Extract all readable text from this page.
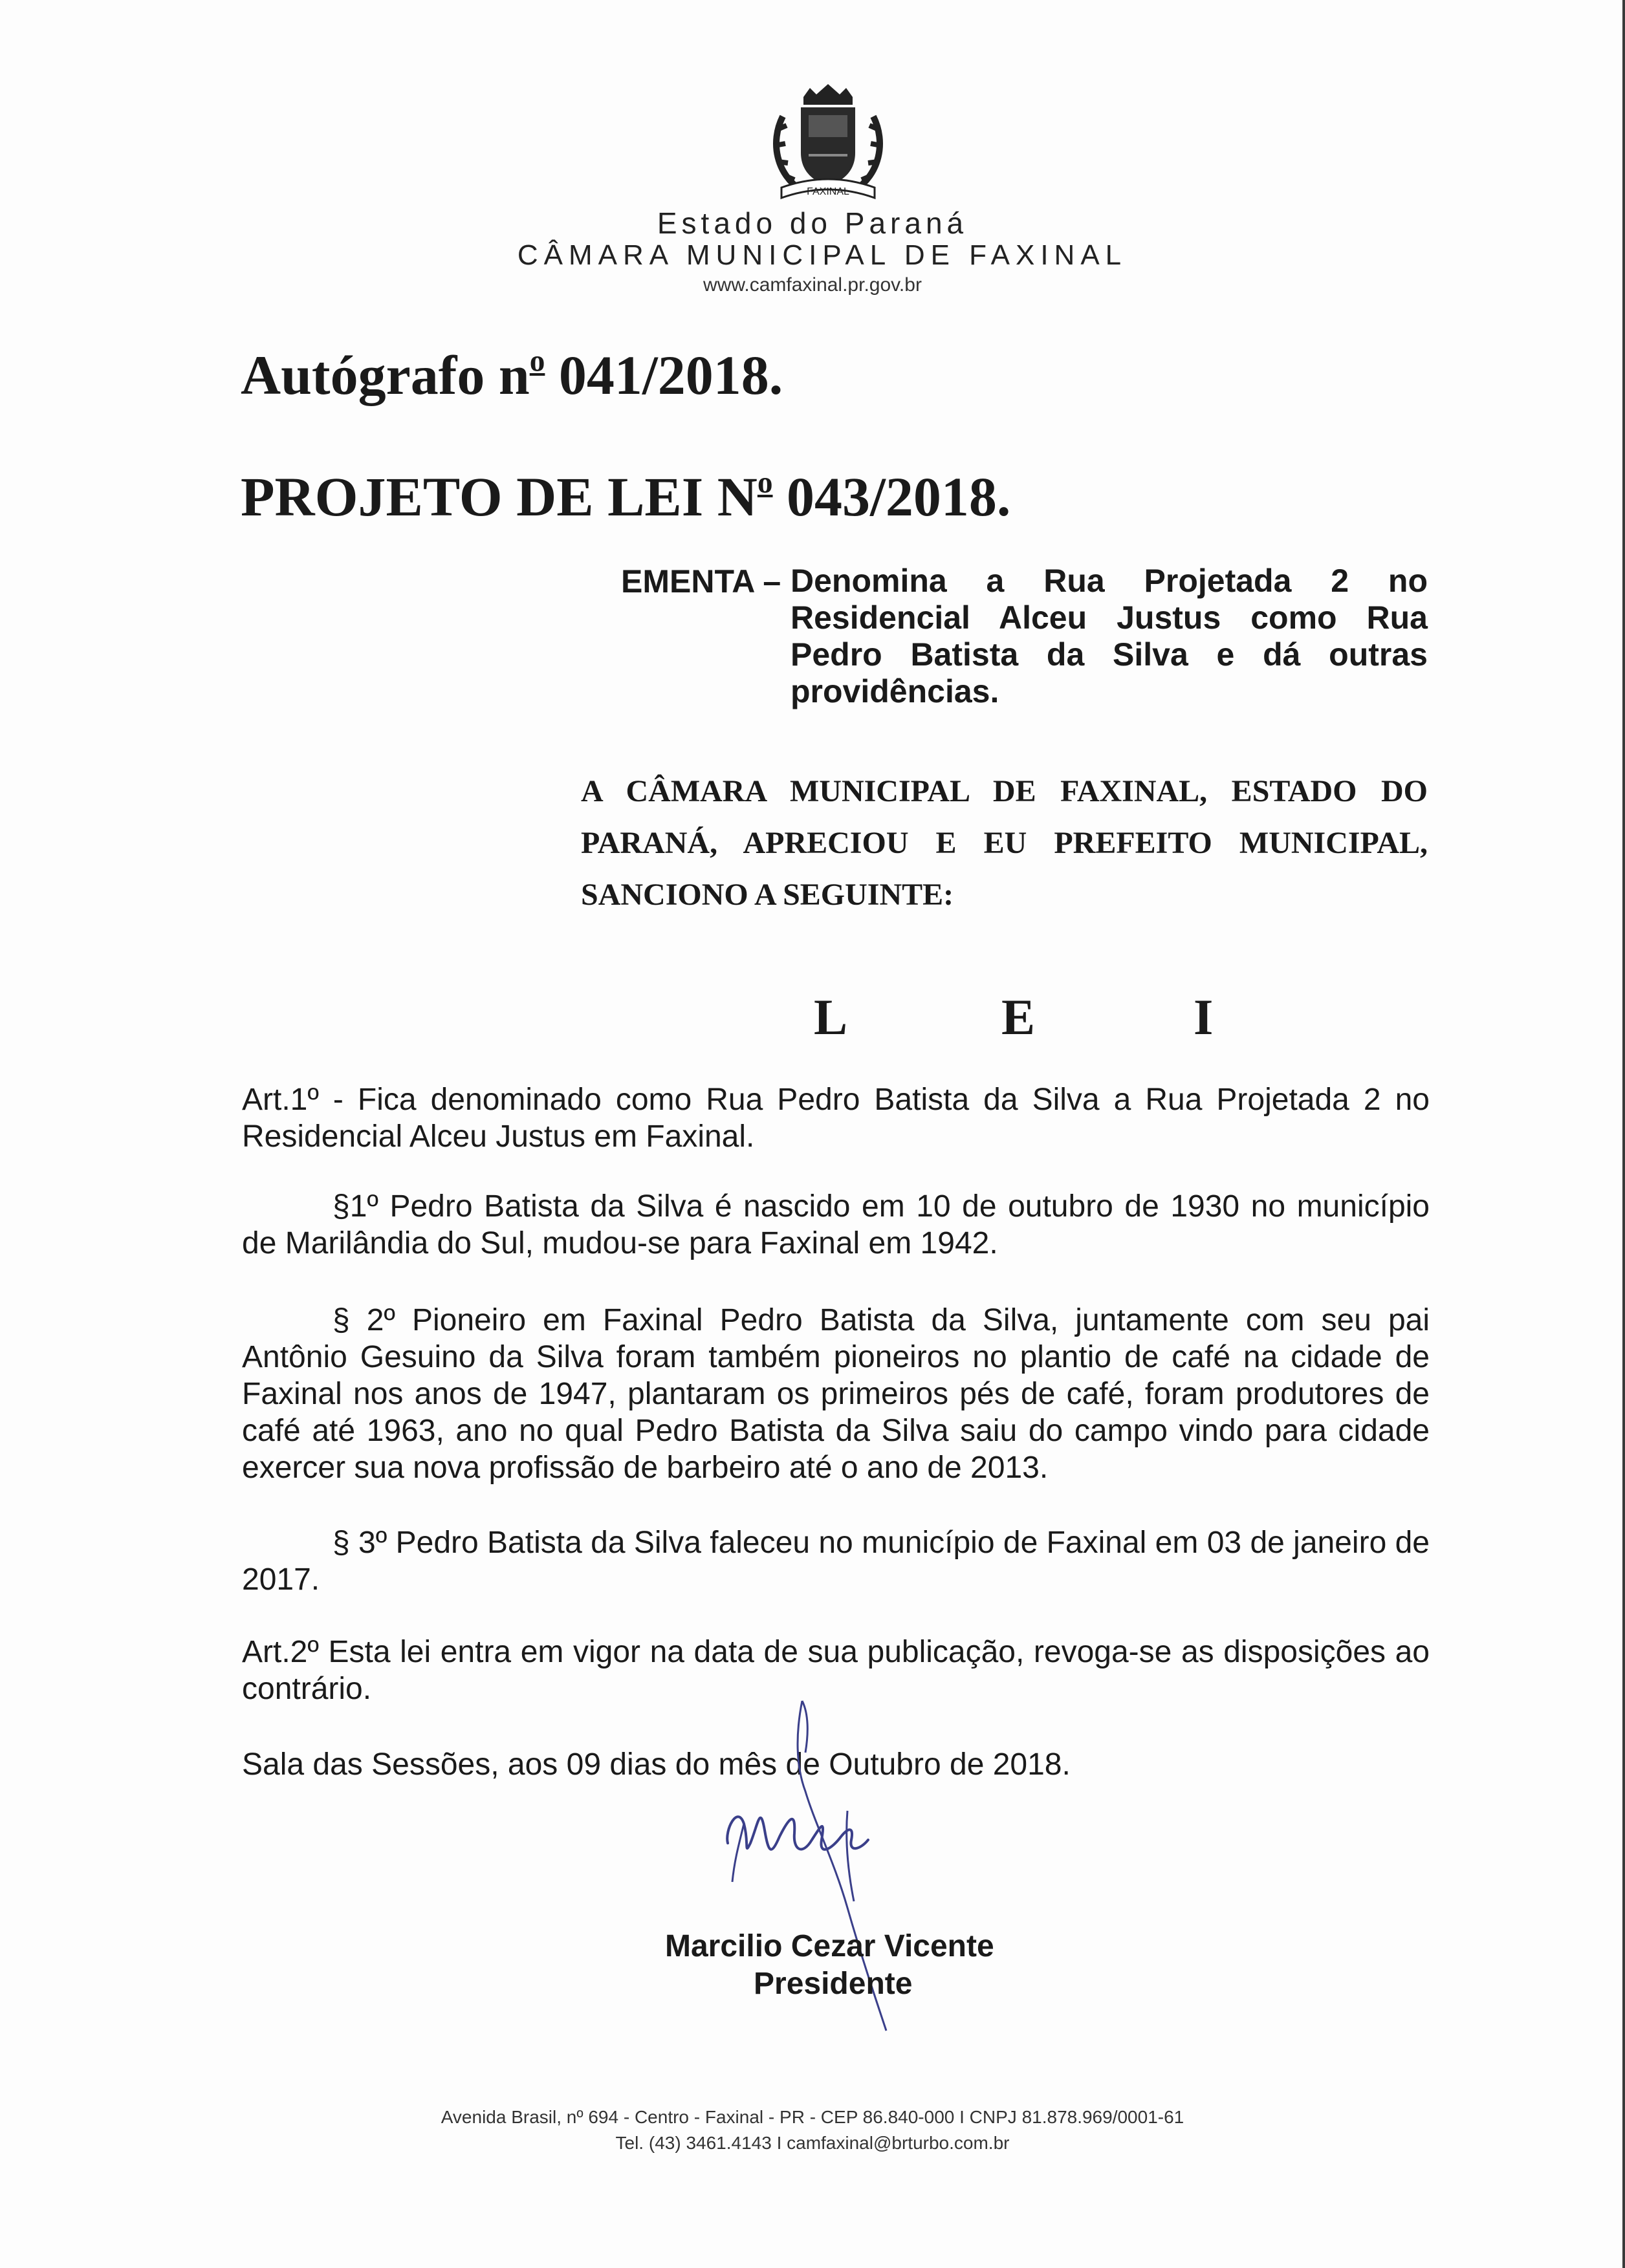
FAXINAL
Estado do Paraná
CÂMARA MUNICIPAL DE FAXINAL
www.camfaxinal.pr.gov.br
Autógrafo $n^o$ 041/2018.
PROJETO DE LEI $N^o$ 043/2018.
EMENTA – Denomina a Rua Projetada 2 no Residencial Alceu Justus como Rua Pedro Batista da Silva e dá outras providências.
A CÂMARA MUNICIPAL DE FAXINAL, ESTADO DO PARANÁ, APRECIOU E EU PREFEITO MUNICIPAL, SANCIONO A SEGUINTE:
L	E	I
Art.1º - Fica denominado como Rua Pedro Batista da Silva a Rua Projetada 2 no Residencial Alceu Justus em Faxinal.
§1º Pedro Batista da Silva é nascido em 10 de outubro de 1930 no município de Marilândia do Sul, mudou-se para Faxinal em 1942.
§ 2º Pioneiro em Faxinal Pedro Batista da Silva, juntamente com seu pai Antônio Gesuino da Silva foram também pioneiros no plantio de café na cidade de Faxinal nos anos de 1947, plantaram os primeiros pés de café, foram produtores de café até 1963, ano no qual Pedro Batista da Silva saiu do campo vindo para cidade exercer sua nova profissão de barbeiro até o ano de 2013.
§ 3º Pedro Batista da Silva faleceu no município de Faxinal em 03 de janeiro de 2017.
Art.2º Esta lei entra em vigor na data de sua publicação, revoga-se as disposições ao contrário.
Sala das Sessões, aos 09 dias do mês de Outubro de 2018.
Marcilio Cezar Vicente
Presidente
Avenida Brasil, nº 694 - Centro - Faxinal - PR - CEP 86.840-000 I CNPJ 81.878.969/0001-61
Tel. (43) 3461.4143 I camfaxinal@brturbo.com.br
